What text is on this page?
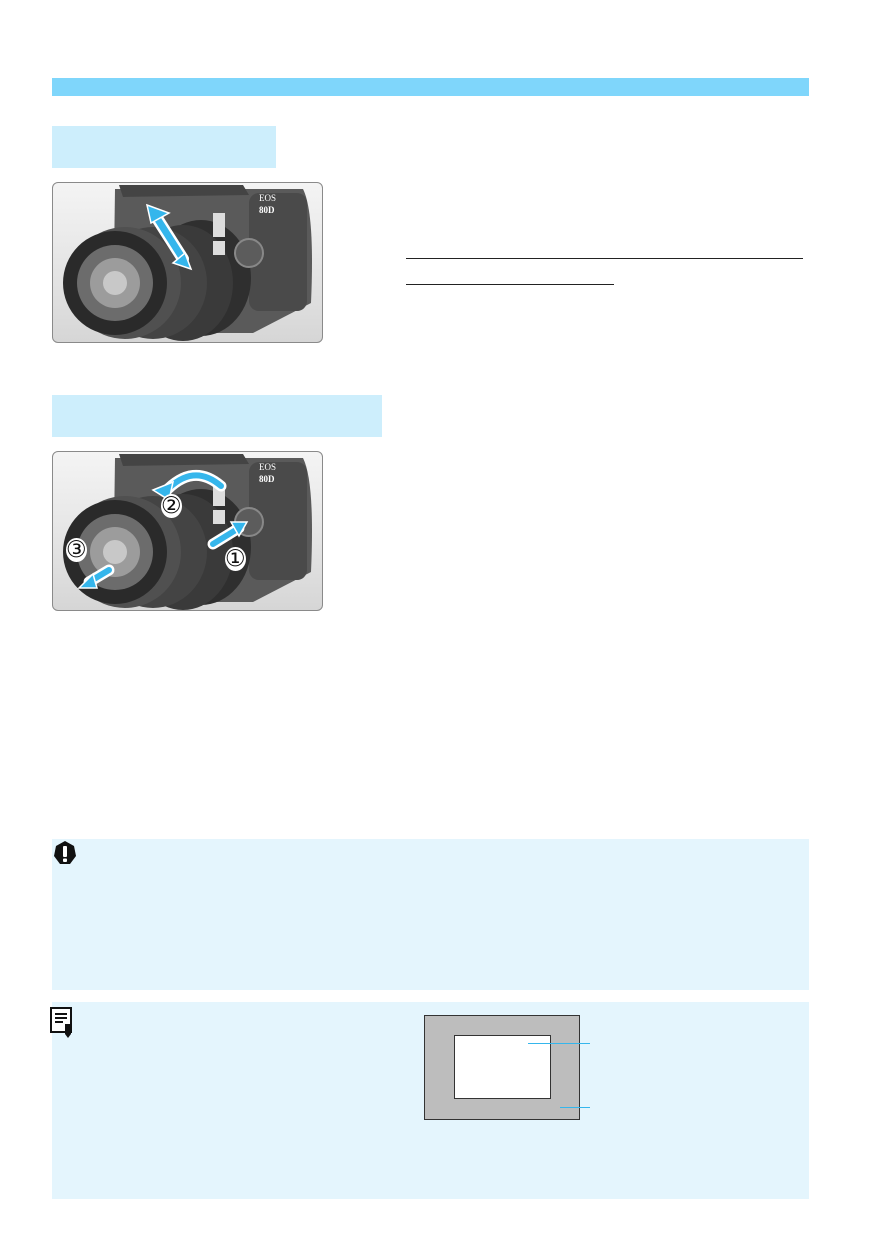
EOS
80D
EOS
80D
①
②
③
